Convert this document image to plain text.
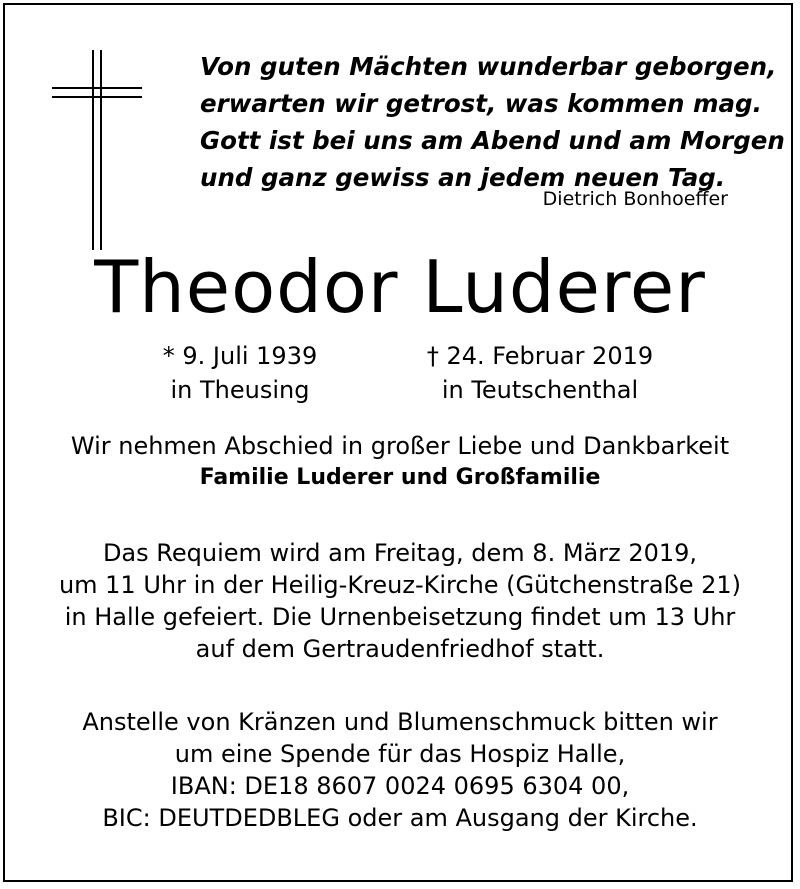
Von guten Mächten wunderbar geborgen,
erwarten wir getrost, was kommen mag.
Gott ist bei uns am Abend und am Morgen
und ganz gewiss an jedem neuen Tag.
Dietrich Bonhoeffer
Theodor Luderer
* 9. Juli 1939
in Theusing
† 24. Februar 2019
in Teutschenthal
Wir nehmen Abschied in großer Liebe und Dankbarkeit
Familie Luderer und Großfamilie
Das Requiem wird am Freitag, dem 8. März 2019,
um 11 Uhr in der Heilig-Kreuz-Kirche (Gütchenstraße 21)
in Halle gefeiert. Die Urnenbeisetzung findet um 13 Uhr
auf dem Gertraudenfriedhof statt.
Anstelle von Kränzen und Blumenschmuck bitten wir
um eine Spende für das Hospiz Halle,
IBAN: DE18 8607 0024 0695 6304 00,
BIC: DEUTDEDBLEG oder am Ausgang der Kirche.
